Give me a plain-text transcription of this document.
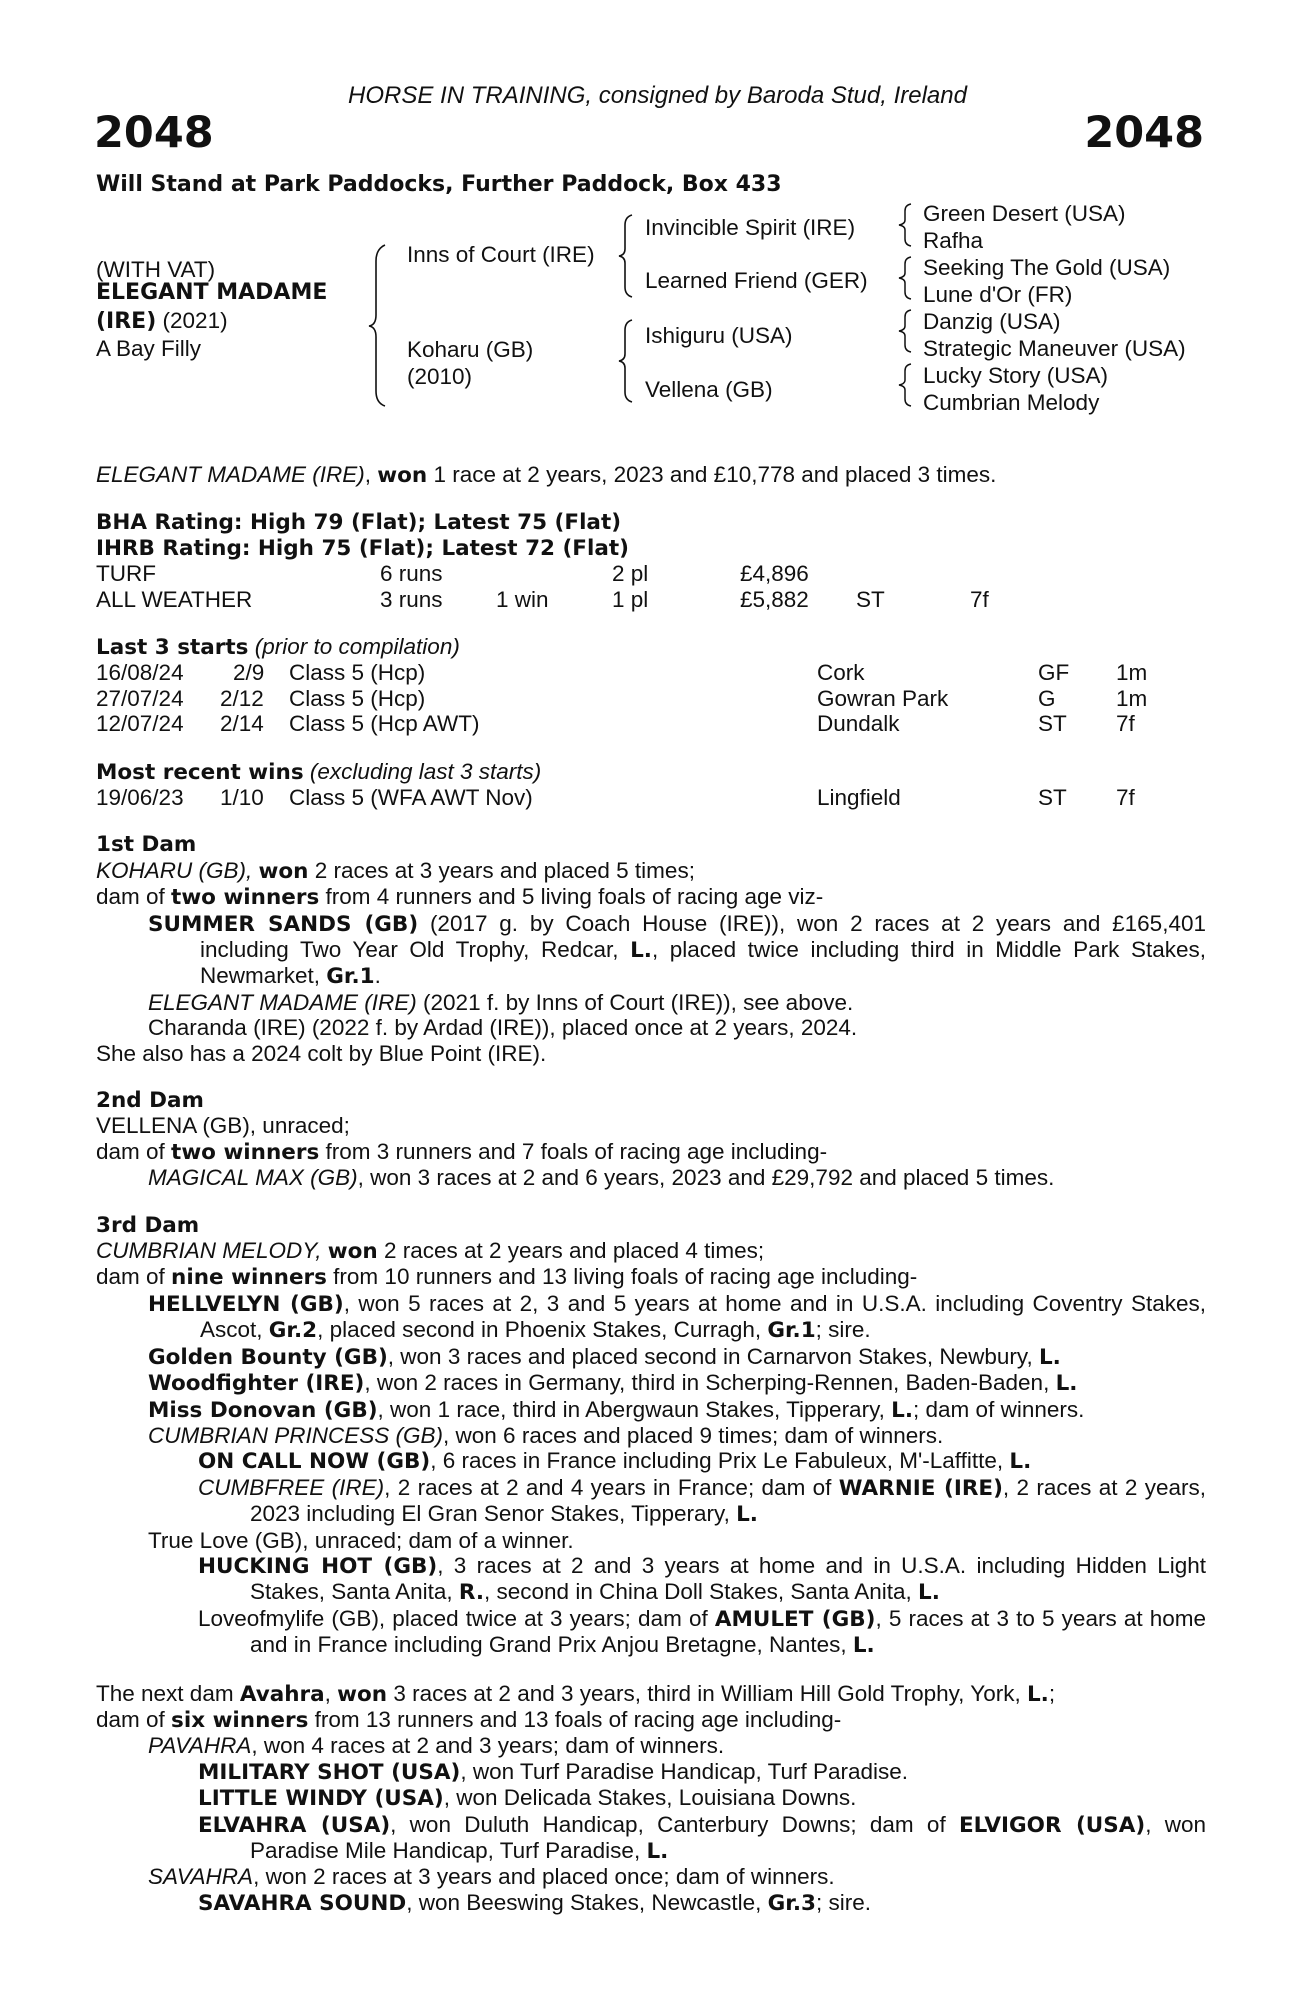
HORSE IN TRAINING, consigned by Baroda Stud, Ireland
2048	2048
Will Stand at Park Paddocks, Further Paddock, Box 433
(WITH VAT)
ELEGANT MADAME
(IRE) (2021)
A Bay Filly
Inns of Court (IRE)
Koharu (GB)
(2010)
Invincible Spirit (IRE)
Learned Friend (GER)
Ishiguru (USA)
Vellena (GB)
Green Desert (USA)
Rafha
Seeking The Gold (USA)
Lune d'Or (FR)
Danzig (USA)
Strategic Maneuver (USA)
Lucky Story (USA)
Cumbrian Melody

ELEGANT MADAME (IRE), won 1 race at 2 years, 2023 and £10,778 and placed 3 times.

BHA Rating: High 79 (Flat); Latest 75 (Flat)

IHRB Rating: High 75 (Flat); Latest 72 (Flat)

TURF	6 runs	2 pl	£4,896
ALL WEATHER	3 runs 1 win	1 pl	£5,882 ST	7f

Last 3 starts (prior to compilation)

16/08/24 2/9 Class 5 (Hcp)	Cork	GF 1m
27/07/24 2/12 Class 5 (Hcp)	Gowran Park	G	1m
12/07/24 2/14 Class 5 (Hcp AWT)	Dundalk	ST 7f

Most recent wins (excluding last 3 starts)

19/06/23 1/10 Class 5 (WFA AWT Nov)	Lingfield	ST 7f

1st Dam

KOHARU (GB), won 2 races at 3 years and placed 5 times;

dam of two winners from 4 runners and 5 living foals of racing age viz-

SUMMER SANDS (GB) (2017 g. by Coach House (IRE)), won 2 races at 2 years and £165,401 including Two Year Old Trophy, Redcar, L., placed twice including third in Middle Park Stakes, Newmarket, Gr.1.

ELEGANT MADAME (IRE) (2021 f. by Inns of Court (IRE)), see above.

Charanda (IRE) (2022 f. by Ardad (IRE)), placed once at 2 years, 2024.

She also has a 2024 colt by Blue Point (IRE).

2nd Dam

VELLENA (GB), unraced;

dam of two winners from 3 runners and 7 foals of racing age including-

MAGICAL MAX (GB), won 3 races at 2 and 6 years, 2023 and £29,792 and placed 5 times.

3rd Dam

CUMBRIAN MELODY, won 2 races at 2 years and placed 4 times;

dam of nine winners from 10 runners and 13 living foals of racing age including-

HELLVELYN (GB), won 5 races at 2, 3 and 5 years at home and in U.S.A. including Coventry Stakes, Ascot, Gr.2, placed second in Phoenix Stakes, Curragh, Gr.1; sire.

Golden Bounty (GB), won 3 races and placed second in Carnarvon Stakes, Newbury, L.

Woodfighter (IRE), won 2 races in Germany, third in Scherping-Rennen, Baden-Baden, L.

Miss Donovan (GB), won 1 race, third in Abergwaun Stakes, Tipperary, L.; dam of winners.

CUMBRIAN PRINCESS (GB), won 6 races and placed 9 times; dam of winners.

ON CALL NOW (GB), 6 races in France including Prix Le Fabuleux, M'-Laffitte, L.

CUMBFREE (IRE), 2 races at 2 and 4 years in France; dam of WARNIE (IRE), 2 races at 2 years, 2023 including El Gran Senor Stakes, Tipperary, L.

True Love (GB), unraced; dam of a winner.

HUCKING HOT (GB), 3 races at 2 and 3 years at home and in U.S.A. including Hidden Light Stakes, Santa Anita, R., second in China Doll Stakes, Santa Anita, L.

Loveofmylife (GB), placed twice at 3 years; dam of AMULET (GB), 5 races at 3 to 5 years at home and in France including Grand Prix Anjou Bretagne, Nantes, L.

The next dam Avahra, won 3 races at 2 and 3 years, third in William Hill Gold Trophy, York, L.;

dam of six winners from 13 runners and 13 foals of racing age including-

PAVAHRA, won 4 races at 2 and 3 years; dam of winners.

MILITARY SHOT (USA), won Turf Paradise Handicap, Turf Paradise.

LITTLE WINDY (USA), won Delicada Stakes, Louisiana Downs.

ELVAHRA (USA), won Duluth Handicap, Canterbury Downs; dam of ELVIGOR (USA), won Paradise Mile Handicap, Turf Paradise, L.

SAVAHRA, won 2 races at 3 years and placed once; dam of winners.

SAVAHRA SOUND, won Beeswing Stakes, Newcastle, Gr.3; sire.
